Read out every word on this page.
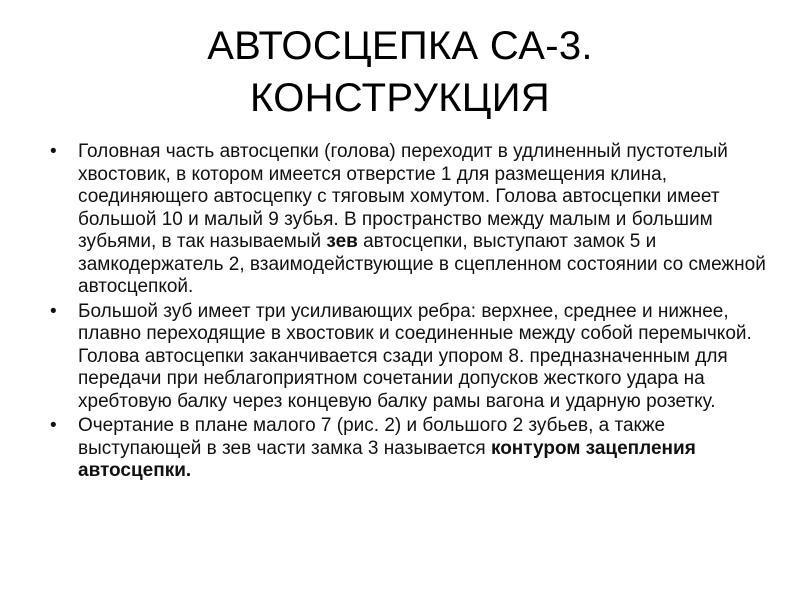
АВТОСЦЕПКА СА-3.
КОНСТРУКЦИЯ
• Головная часть автосцепки (голова) переходит в удлиненный пустотелый хвостовик, в котором имеется отверстие 1 для размещения клина, соединяющего автосцепку с тяговым хомутом. Голова автосцепки имеет большой 10 и малый 9 зубья. В пространство между малым и большим зубьями, в так называемый зев автосцепки, выступают замок 5 и замкодержатель 2, взаимодействующие в сцепленном состоянии со смежной автосцепкой.
• Большой зуб имеет три усиливающих ребра: верхнее, среднее и нижнее, плавно переходящие в хвостовик и соединенные между собой перемычкой. Голова автосцепки заканчивается сзади упором 8. предназначенным для передачи при неблагоприятном сочетании допусков жесткого удара на хребтовую балку через концевую балку рамы вагона и ударную розетку.
• Очертание в плане малого 7 (рис. 2) и большого 2 зубьев, а также выступающей в зев части замка 3 называется контуром зацепления автосцепки.
